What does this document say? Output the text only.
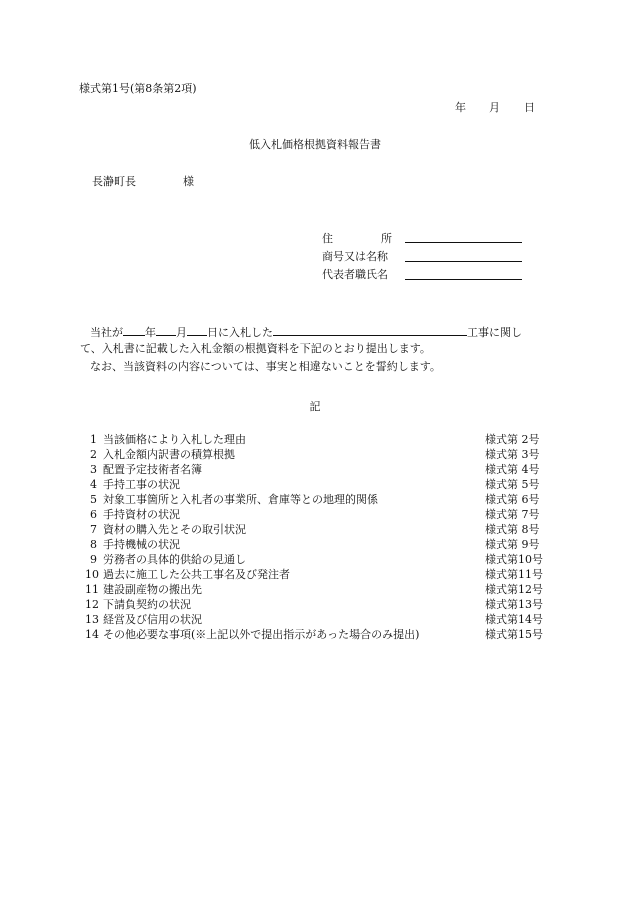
様式第1号(第8条第2項)
年 月 日
低入札価格根拠資料報告書
長瀞町長	様
住	所
商号又は名称
代表者職氏名
当社が 年 月 日に入札した	工事に関し
て、入札書に記載した入札金額の根拠資料を下記のとおり提出します。
なお、当該資料の内容については、事実と相違ないことを誓約します。
記
1 当該価格により入札した理由	様式第 2号
2 入札金額内訳書の積算根拠	様式第 3号
3 配置予定技術者名簿	様式第 4号
4 手持工事の状況	様式第 5号
5 対象工事箇所と入札者の事業所、倉庫等との地理的関係	様式第 6号
6 手持資材の状況	様式第 7号
7 資材の購入先とその取引状況	様式第 8号
8 手持機械の状況	様式第 9号
9 労務者の具体的供給の見通し	様式第10号
10 過去に施工した公共工事名及び発注者	様式第11号
11 建設副産物の搬出先	様式第12号
12 下請負契約の状況	様式第13号
13 経営及び信用の状況	様式第14号
14 その他必要な事項(※上記以外で提出指示があった場合のみ提出)	様式第15号
